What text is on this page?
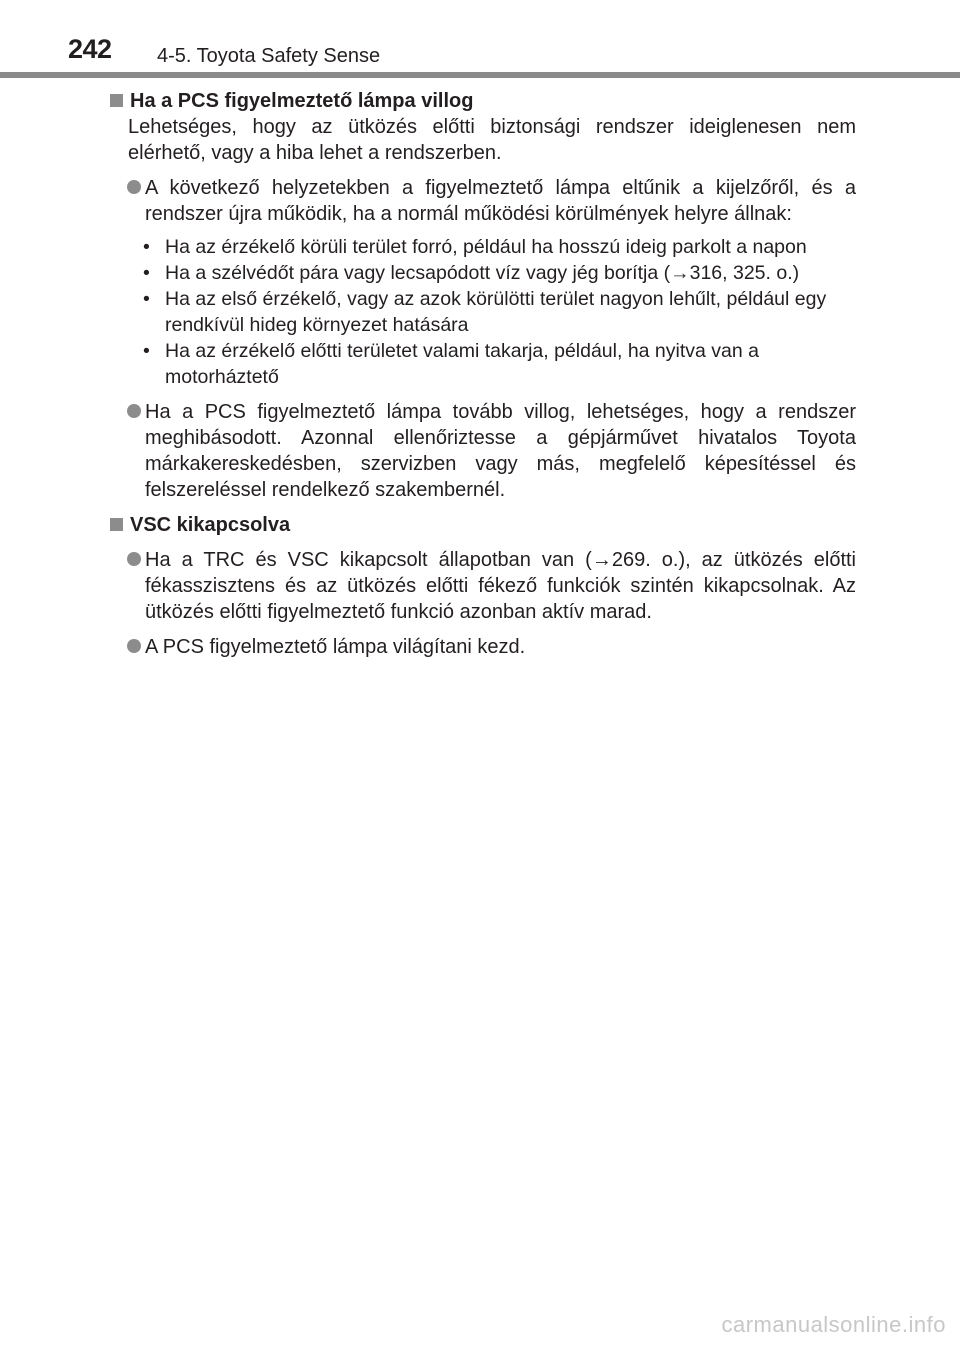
242 4-5. Toyota Safety Sense

Ha a PCS figyelmeztető lámpa villog

Lehetséges, hogy az ütközés előtti biztonsági rendszer ideiglenesen nem elérhető, vagy a hiba lehet a rendszerben.

A következő helyzetekben a figyelmeztető lámpa eltűnik a kijelzőről, és a rendszer újra működik, ha a normál működési körülmények helyre állnak:
• Ha az érzékelő körüli terület forró, például ha hosszú ideig parkolt a napon
• Ha a szélvédőt pára vagy lecsapódott víz vagy jég borítja (→316, 325. o.)
• Ha az első érzékelő, vagy az azok körülötti terület nagyon lehűlt, például egy rendkívül hideg környezet hatására
• Ha az érzékelő előtti területet valami takarja, például, ha nyitva van a motorháztető
Ha a PCS figyelmeztető lámpa tovább villog, lehetséges, hogy a rendszer meghibásodott. Azonnal ellenőriztesse a gépjárművet hivatalos Toyota márkakereskedésben, szervizben vagy más, megfelelő képesítéssel és felszereléssel rendelkező szakembernél.

VSC kikapcsolva

Ha a TRC és VSC kikapcsolt állapotban van (→269. o.), az ütközés előtti fékasszisztens és az ütközés előtti fékező funkciók szintén kikapcsolnak. Az ütközés előtti figyelmeztető funkció azonban aktív marad.
A PCS figyelmeztető lámpa világítani kezd.
carmanualsonline.info
